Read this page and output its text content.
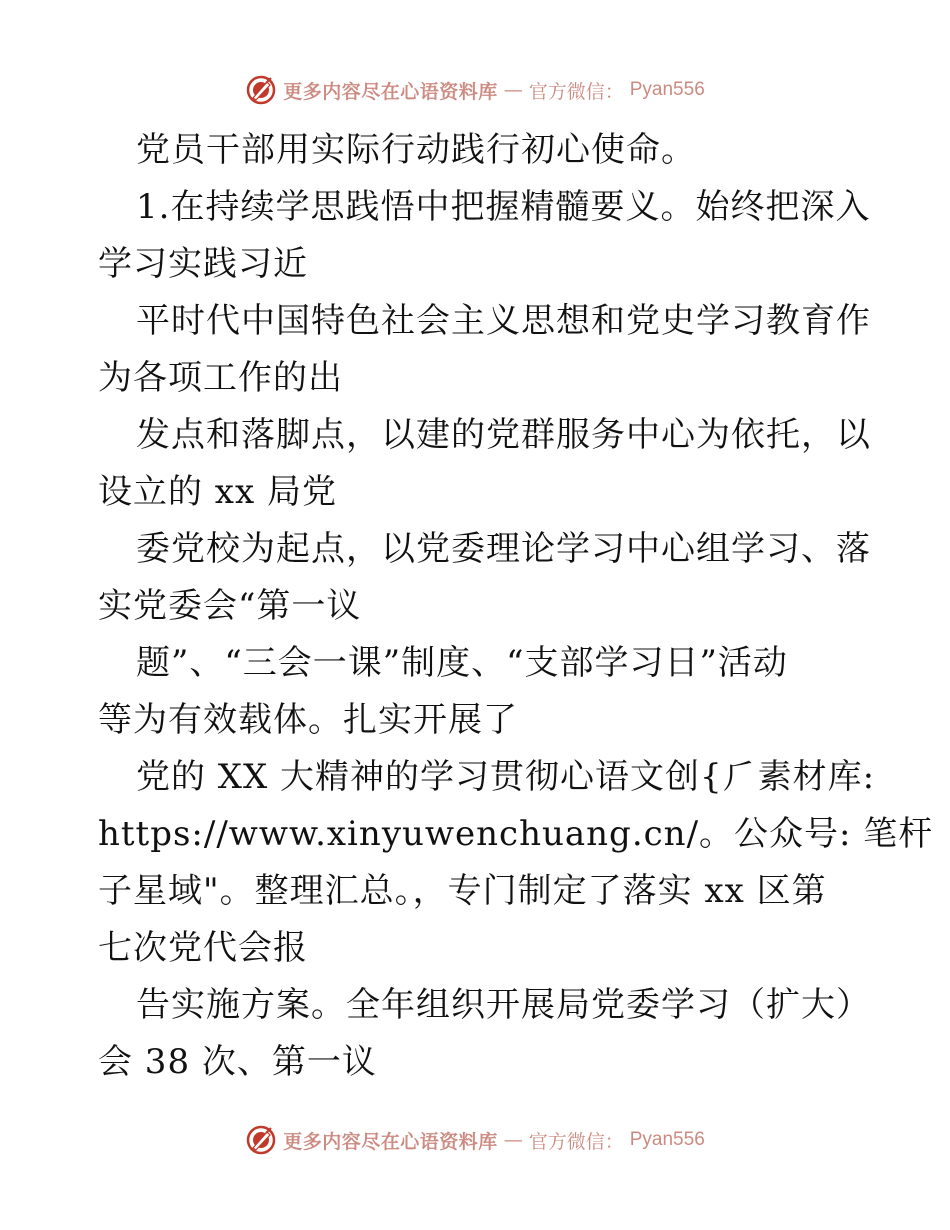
更多内容尽在心语资料库 — 官方微信： Pyan556
党员干部用实际行动践行初心使命。
1.在持续学思践悟中把握精髓要义。始终把深入
学习实践习近
平时代中国特色社会主义思想和党史学习教育作
为各项工作的出
发点和落脚点，以建的党群服务中心为依托，以
设立的 xx 局党
委党校为起点，以党委理论学习中心组学习、落
实党委会“第一议
题”、“三会一课”制度、“支部学习日”活动
等为有效载体。扎实开展了
党的 XX 大精神的学习贯彻心语文创{⺁素材库:
https://www.xinyuwenchuang.cn/。公众号: 笔杆
子星域"。整理汇总。，专门制定了落实 xx 区第
七次党代会报
告实施方案。全年组织开展局党委学习（扩大）
会 38 次、第一议
更多内容尽在心语资料库 — 官方微信： Pyan556
